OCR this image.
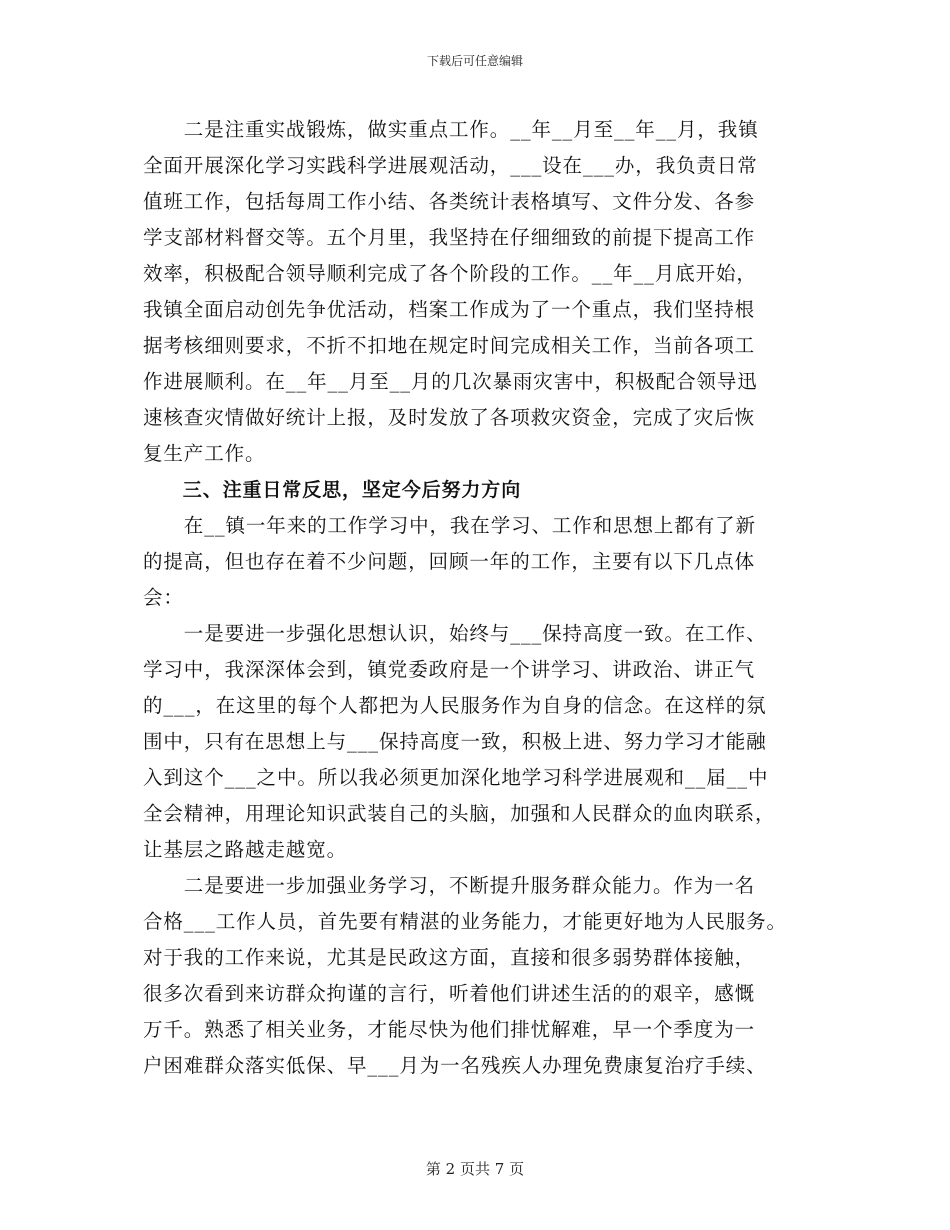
下载后可任意编辑
　　二是注重实战锻炼，做实重点工作。__年__月至__年__月，我镇
全面开展深化学习实践科学进展观活动，___设在___办，我负责日常
值班工作，包括每周工作小结、各类统计表格填写、文件分发、各参
学支部材料督交等。五个月里，我坚持在仔细细致的前提下提高工作
效率，积极配合领导顺利完成了各个阶段的工作。__年__月底开始，
我镇全面启动创先争优活动，档案工作成为了一个重点，我们坚持根
据考核细则要求，不折不扣地在规定时间完成相关工作，当前各项工
作进展顺利。在__年__月至__月的几次暴雨灾害中，积极配合领导迅
速核查灾情做好统计上报，及时发放了各项救灾资金，完成了灾后恢
复生产工作。
　　三、注重日常反思，坚定今后努力方向
　　在__镇一年来的工作学习中，我在学习、工作和思想上都有了新
的提高，但也存在着不少问题，回顾一年的工作，主要有以下几点体
会：
　　一是要进一步强化思想认识，始终与___保持高度一致。在工作、
学习中，我深深体会到，镇党委政府是一个讲学习、讲政治、讲正气
的___，在这里的每个人都把为人民服务作为自身的信念。在这样的氛
围中，只有在思想上与___保持高度一致，积极上进、努力学习才能融
入到这个___之中。所以我必须更加深化地学习科学进展观和__届__中
全会精神，用理论知识武装自己的头脑，加强和人民群众的血肉联系，
让基层之路越走越宽。
　　二是要进一步加强业务学习，不断提升服务群众能力。作为一名
合格___工作人员，首先要有精湛的业务能力，才能更好地为人民服务。
对于我的工作来说，尤其是民政这方面，直接和很多弱势群体接触，
很多次看到来访群众拘谨的言行，听着他们讲述生活的的艰辛，感慨
万千。熟悉了相关业务，才能尽快为他们排忧解难，早一个季度为一
户困难群众落实低保、早___月为一名残疾人办理免费康复治疗手续、
第 2 页共 7 页
